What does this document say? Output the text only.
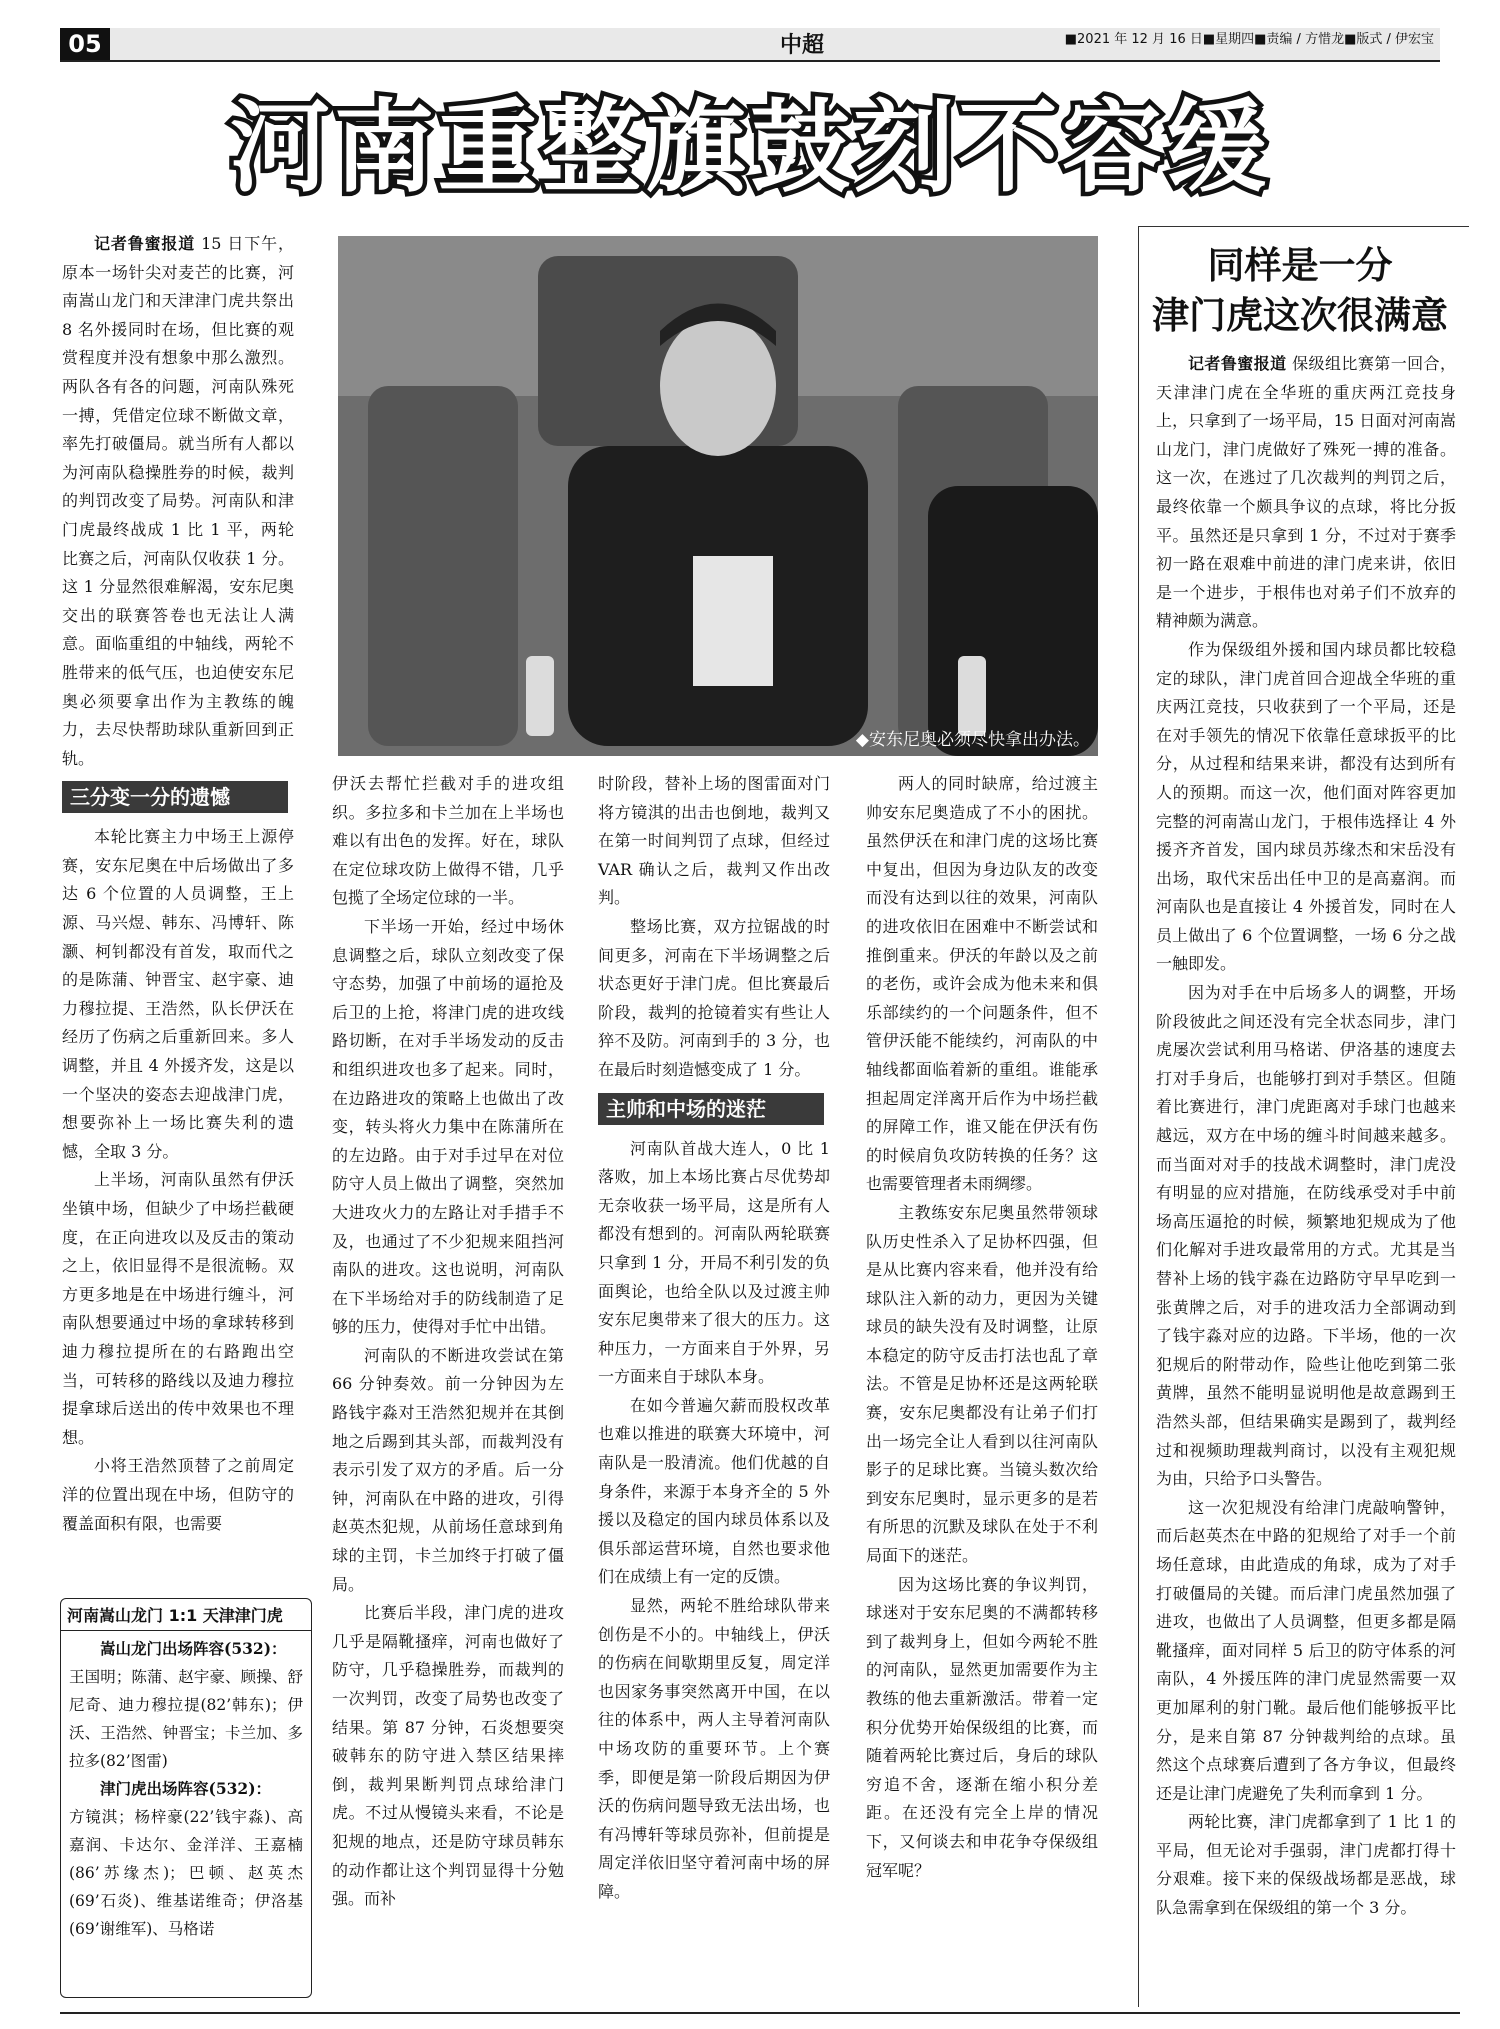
05	中超	■2021 年 12 月 16 日■星期四■责编 / 方惜龙■版式 / 伊宏宝
河南重整旗鼓刻不容缓

记者鲁蜜报道 15 日下午，原本一场针尖对麦芒的比赛，河南嵩山龙门和天津津门虎共祭出 8 名外援同时在场，但比赛的观赏程度并没有想象中那么激烈。两队各有各的问题，河南队殊死一搏，凭借定位球不断做文章，率先打破僵局。就当所有人都以为河南队稳操胜券的时候，裁判的判罚改变了局势。河南队和津门虎最终战成 1 比 1 平，两轮比赛之后，河南队仅收获 1 分。这 1 分显然很难解渴，安东尼奥交出的联赛答卷也无法让人满意。面临重组的中轴线，两轮不胜带来的低气压，也迫使安东尼奥必须要拿出作为主教练的魄力，去尽快帮助球队重新回到正轨。

三分变一分的遗憾

本轮比赛主力中场王上源停赛，安东尼奥在中后场做出了多达 6 个位置的人员调整，王上源、马兴煜、韩东、冯博轩、陈灏、柯钊都没有首发，取而代之的是陈蒲、钟晋宝、赵宇豪、迪力穆拉提、王浩然，队长伊沃在经历了伤病之后重新回来。多人调整，并且 4 外援齐发，这是以一个坚决的姿态去迎战津门虎，想要弥补上一场比赛失利的遗憾，全取 3 分。

上半场，河南队虽然有伊沃坐镇中场，但缺少了中场拦截硬度，在正向进攻以及反击的策动之上，依旧显得不是很流畅。双方更多地是在中场进行缠斗，河南队想要通过中场的拿球转移到迪力穆拉提所在的右路跑出空当，可转移的路线以及迪力穆拉提拿球后送出的传中效果也不理想。

小将王浩然顶替了之前周定洋的位置出现在中场，但防守的覆盖面积有限，也需要

河南嵩山龙门 1:1 天津津门虎
嵩山龙门出场阵容(532)：
王国明；陈蒲、赵宇豪、顾操、舒尼奇、迪力穆拉提(82’韩东)；伊沃、王浩然、钟晋宝；卡兰加、多拉多(82’图雷)
津门虎出场阵容(532)：
方镜淇；杨梓豪(22’钱宇淼)、高嘉润、卡达尔、金洋洋、王嘉楠(86’苏缘杰)；巴顿、赵英杰(69’石炎)、维基诺维奇；伊洛基(69’谢维军)、马格诺
◆安东尼奥必须尽快拿出办法。

伊沃去帮忙拦截对手的进攻组织。多拉多和卡兰加在上半场也难以有出色的发挥。好在，球队在定位球攻防上做得不错，几乎包揽了全场定位球的一半。

下半场一开始，经过中场休息调整之后，球队立刻改变了保守态势，加强了中前场的逼抢及后卫的上抢，将津门虎的进攻线路切断，在对手半场发动的反击和组织进攻也多了起来。同时，在边路进攻的策略上也做出了改变，转头将火力集中在陈蒲所在的左边路。由于对手过早在对位防守人员上做出了调整，突然加大进攻火力的左路让对手措手不及，也通过了不少犯规来阻挡河南队的进攻。这也说明，河南队在下半场给对手的防线制造了足够的压力，使得对手忙中出错。

河南队的不断进攻尝试在第 66 分钟奏效。前一分钟因为左路钱宇淼对王浩然犯规并在其倒地之后踢到其头部，而裁判没有表示引发了双方的矛盾。后一分钟，河南队在中路的进攻，引得赵英杰犯规，从前场任意球到角球的主罚，卡兰加终于打破了僵局。

比赛后半段，津门虎的进攻几乎是隔靴搔痒，河南也做好了防守，几乎稳操胜券，而裁判的一次判罚，改变了局势也改变了结果。第 87 分钟，石炎想要突破韩东的防守进入禁区结果摔倒，裁判果断判罚点球给津门虎。不过从慢镜头来看，不论是犯规的地点，还是防守球员韩东的动作都让这个判罚显得十分勉强。而补

时阶段，替补上场的图雷面对门将方镜淇的出击也倒地，裁判又在第一时间判罚了点球，但经过 VAR 确认之后，裁判又作出改判。

整场比赛，双方拉锯战的时间更多，河南在下半场调整之后状态更好于津门虎。但比赛最后阶段，裁判的抢镜着实有些让人猝不及防。河南到手的 3 分，也在最后时刻造憾变成了 1 分。

主帅和中场的迷茫

河南队首战大连人，0 比 1 落败，加上本场比赛占尽优势却无奈收获一场平局，这是所有人都没有想到的。河南队两轮联赛只拿到 1 分，开局不利引发的负面舆论，也给全队以及过渡主帅安东尼奥带来了很大的压力。这种压力，一方面来自于外界，另一方面来自于球队本身。

在如今普遍欠薪而股权改革也难以推进的联赛大环境中，河南队是一股清流。他们优越的自身条件，来源于本身齐全的 5 外援以及稳定的国内球员体系以及俱乐部运营环境，自然也要求他们在成绩上有一定的反馈。

显然，两轮不胜给球队带来创伤是不小的。中轴线上，伊沃的伤病在间歇期里反复，周定洋也因家务事突然离开中国，在以往的体系中，两人主导着河南队中场攻防的重要环节。上个赛季，即便是第一阶段后期因为伊沃的伤病问题导致无法出场，也有冯博轩等球员弥补，但前提是周定洋依旧坚守着河南中场的屏障。

两人的同时缺席，给过渡主帅安东尼奥造成了不小的困扰。虽然伊沃在和津门虎的这场比赛中复出，但因为身边队友的改变而没有达到以往的效果，河南队的进攻依旧在困难中不断尝试和推倒重来。伊沃的年龄以及之前的老伤，或许会成为他未来和俱乐部续约的一个问题条件，但不管伊沃能不能续约，河南队的中轴线都面临着新的重组。谁能承担起周定洋离开后作为中场拦截的屏障工作，谁又能在伊沃有伤的时候肩负攻防转换的任务？这也需要管理者未雨绸缪。

主教练安东尼奥虽然带领球队历史性杀入了足协杯四强，但是从比赛内容来看，他并没有给球队注入新的动力，更因为关键球员的缺失没有及时调整，让原本稳定的防守反击打法也乱了章法。不管是足协杯还是这两轮联赛，安东尼奥都没有让弟子们打出一场完全让人看到以往河南队影子的足球比赛。当镜头数次给到安东尼奥时，显示更多的是若有所思的沉默及球队在处于不利局面下的迷茫。

因为这场比赛的争议判罚，球迷对于安东尼奥的不满都转移到了裁判身上，但如今两轮不胜的河南队，显然更加需要作为主教练的他去重新激活。带着一定积分优势开始保级组的比赛，而随着两轮比赛过后，身后的球队穷追不舍，逐渐在缩小积分差距。在还没有完全上岸的情况下，又何谈去和申花争夺保级组冠军呢？

同样是一分
津门虎这次很满意

记者鲁蜜报道 保级组比赛第一回合，天津津门虎在全华班的重庆两江竞技身上，只拿到了一场平局，15 日面对河南嵩山龙门，津门虎做好了殊死一搏的准备。这一次，在逃过了几次裁判的判罚之后，最终依靠一个颇具争议的点球，将比分扳平。虽然还是只拿到 1 分，不过对于赛季初一路在艰难中前进的津门虎来讲，依旧是一个进步，于根伟也对弟子们不放弃的精神颇为满意。

作为保级组外援和国内球员都比较稳定的球队，津门虎首回合迎战全华班的重庆两江竞技，只收获到了一个平局，还是在对手领先的情况下依靠任意球扳平的比分，从过程和结果来讲，都没有达到所有人的预期。而这一次，他们面对阵容更加完整的河南嵩山龙门，于根伟选择让 4 外援齐齐首发，国内球员苏缘杰和宋岳没有出场，取代宋岳出任中卫的是高嘉润。而河南队也是直接让 4 外援首发，同时在人员上做出了 6 个位置调整，一场 6 分之战一触即发。

因为对手在中后场多人的调整，开场阶段彼此之间还没有完全状态同步，津门虎屡次尝试利用马格诺、伊洛基的速度去打对手身后，也能够打到对手禁区。但随着比赛进行，津门虎距离对手球门也越来越远，双方在中场的缠斗时间越来越多。而当面对对手的技战术调整时，津门虎没有明显的应对措施，在防线承受对手中前场高压逼抢的时候，频繁地犯规成为了他们化解对手进攻最常用的方式。尤其是当替补上场的钱宇淼在边路防守早早吃到一张黄牌之后，对手的进攻活力全部调动到了钱宇淼对应的边路。下半场，他的一次犯规后的附带动作，险些让他吃到第二张黄牌，虽然不能明显说明他是故意踢到王浩然头部，但结果确实是踢到了，裁判经过和视频助理裁判商讨，以没有主观犯规为由，只给予口头警告。

这一次犯规没有给津门虎敲响警钟，而后赵英杰在中路的犯规给了对手一个前场任意球，由此造成的角球，成为了对手打破僵局的关键。而后津门虎虽然加强了进攻，也做出了人员调整，但更多都是隔靴搔痒，面对同样 5 后卫的防守体系的河南队，4 外援压阵的津门虎显然需要一双更加犀利的射门靴。最后他们能够扳平比分，是来自第 87 分钟裁判给的点球。虽然这个点球赛后遭到了各方争议，但最终还是让津门虎避免了失利而拿到 1 分。

两轮比赛，津门虎都拿到了 1 比 1 的平局，但无论对手强弱，津门虎都打得十分艰难。接下来的保级战场都是恶战，球队急需拿到在保级组的第一个 3 分。
